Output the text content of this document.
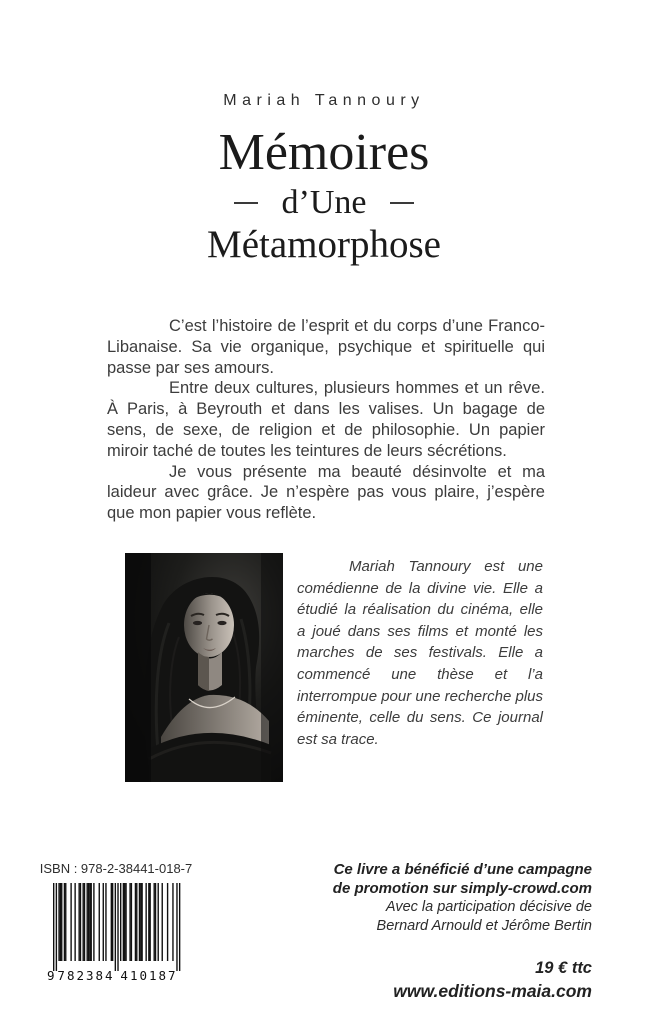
Mariah Tannoury
Mémoires
d’Une
Métamorphose

C’est l’histoire de l’esprit et du corps d’une Franco-Libanaise. Sa vie organique, psychique et spirituelle qui passe par ses amours.

Entre deux cultures, plusieurs hommes et un rêve. À Paris, à Beyrouth et dans les valises. Un bagage de sens, de sexe, de religion et de philosophie. Un papier miroir taché de toutes les teintures de leurs sécrétions.

Je vous présente ma beauté désinvolte et ma laideur avec grâce. Je n’espère pas vous plaire, j’espère que mon papier vous reflète.

Mariah Tannoury est une comédienne de la divine vie. Elle a étudié la réalisation du cinéma, elle a joué dans ses films et monté les marches de ses festivals. Elle a commencé une thèse et l’a interrompue pour une recherche plus éminente, celle du sens. Ce journal est sa trace.

ISBN : 978-2-38441-018-7
9 782384 410187
Ce livre a bénéficié d’une campagne
de promotion sur simply-crowd.com
Avec la participation décisive de
Bernard Arnould et Jérôme Bertin
19 € ttc
www.editions-maia.com
